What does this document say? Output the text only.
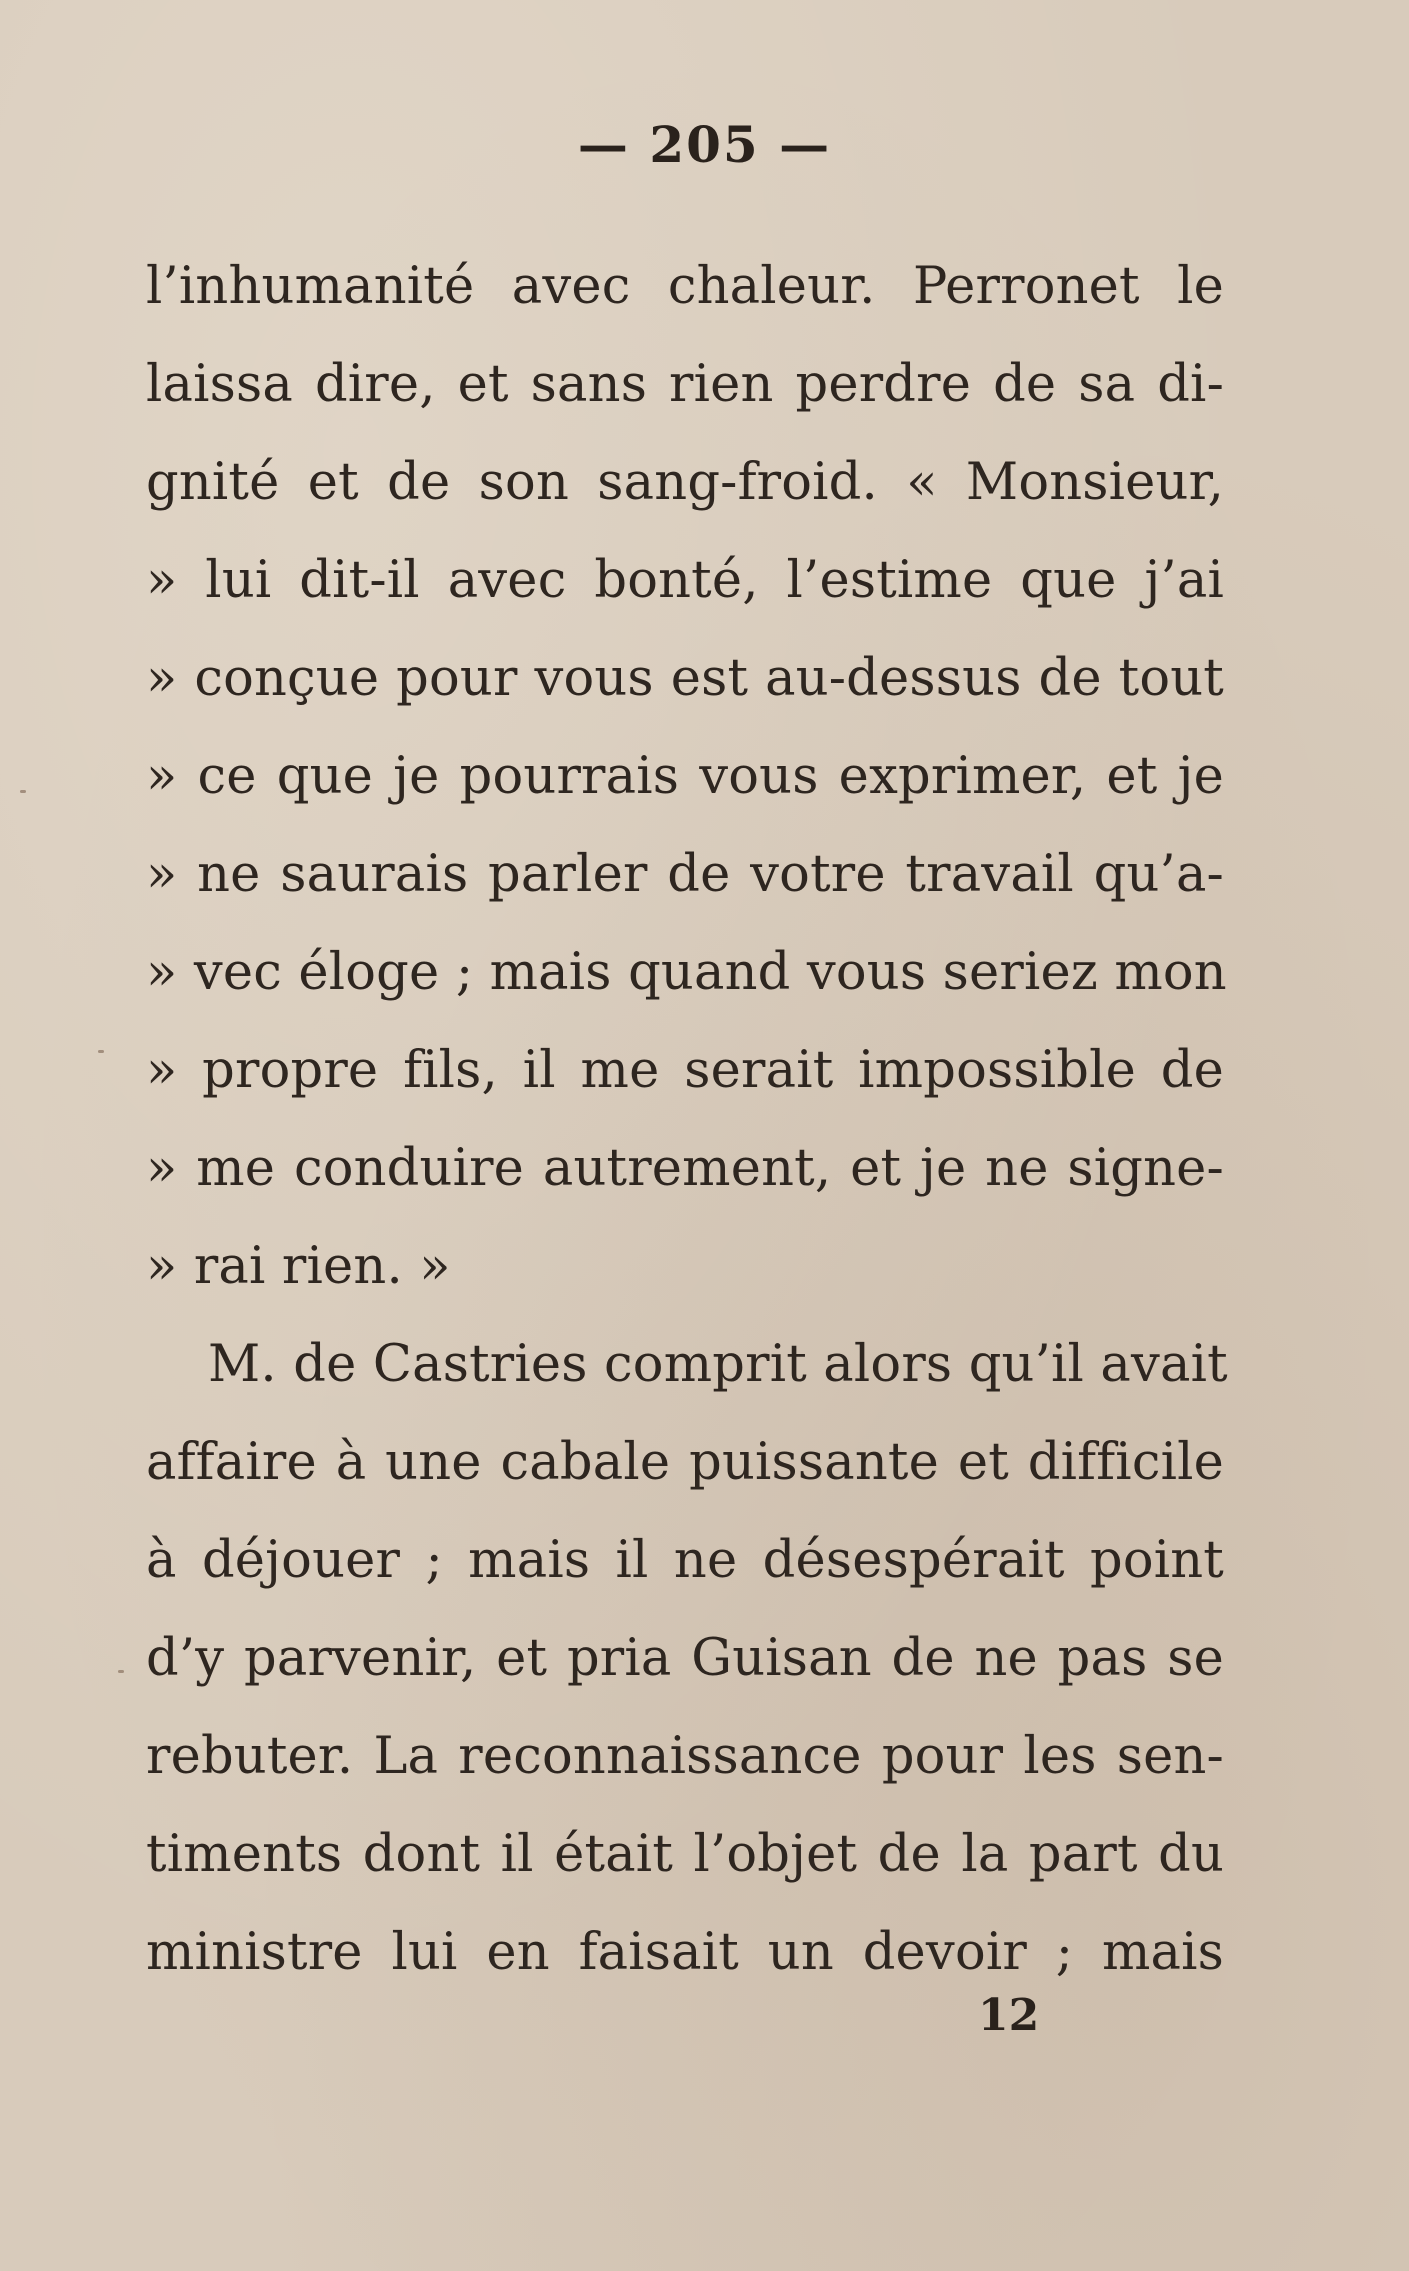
— 205 —
l’inhumanité avec chaleur. Perronet le
laissa dire, et sans rien perdre de sa di-
gnité et de son sang-froid. « Monsieur,
» lui dit-il avec bonté, l’estime que j’ai
» conçue pour vous est au-dessus de tout
» ce que je pourrais vous exprimer, et je
» ne saurais parler de votre travail qu’a-
» vec éloge ; mais quand vous seriez mon
» propre fils, il me serait impossible de
» me conduire autrement, et je ne signe-
» rai rien. »
M. de Castries comprit alors qu’il avait
affaire à une cabale puissante et difficile
à déjouer ; mais il ne désespérait point
d’y parvenir, et pria Guisan de ne pas se
rebuter. La reconnaissance pour les sen-
timents dont il était l’objet de la part du
ministre lui en faisait un devoir ; mais
12
